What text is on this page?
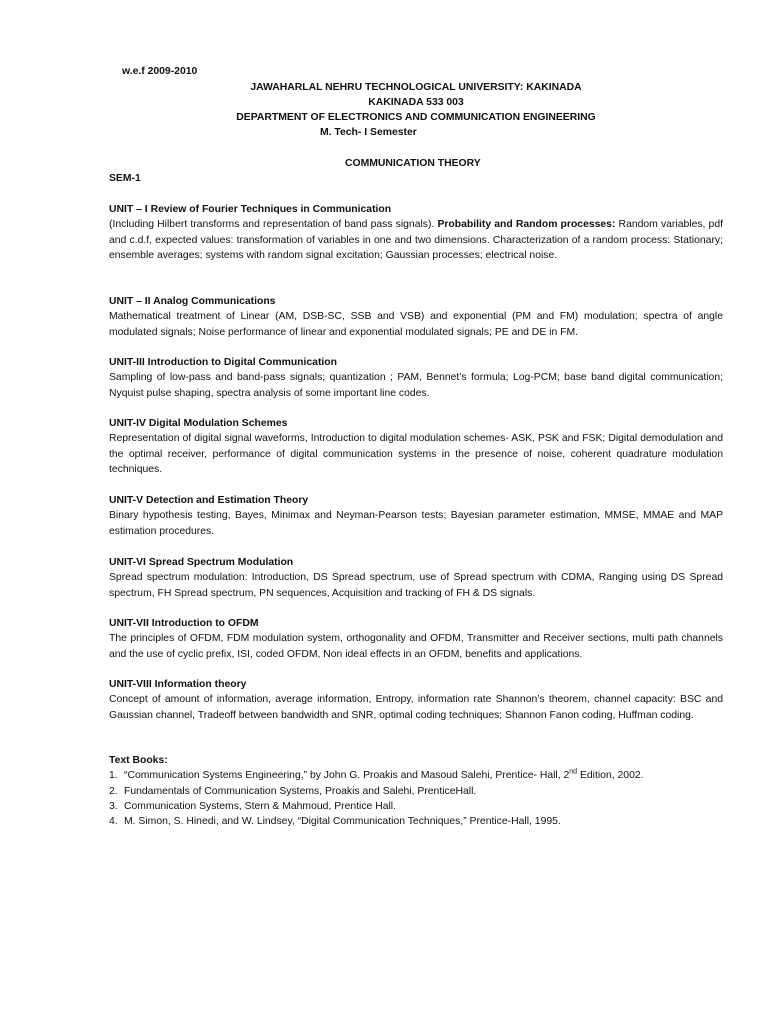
w.e.f 2009-2010
JAWAHARLAL NEHRU TECHNOLOGICAL UNIVERSITY: KAKINADA
KAKINADA 533 003
DEPARTMENT OF ELECTRONICS AND COMMUNICATION ENGINEERING
M. Tech- I Semester
COMMUNICATION THEORY
SEM-1

UNIT – I Review of Fourier Techniques in Communication

(Including Hilbert transforms and representation of band pass signals). Probability and Random processes: Random variables, pdf and c.d.f, expected values: transformation of variables in one and two dimensions. Characterization of a random process: Stationary; ensemble averages; systems with random signal excitation; Gaussian processes; electrical noise.

UNIT – II Analog Communications

Mathematical treatment of Linear (AM, DSB-SC, SSB and VSB) and exponential (PM and FM) modulation; spectra of angle modulated signals; Noise performance of linear and exponential modulated signals; PE and DE in FM.

UNIT-III Introduction to Digital Communication

Sampling of low-pass and band-pass signals; quantization ; PAM, Bennet’s formula; Log-PCM; base band digital communication; Nyquist pulse shaping, spectra analysis of some important line codes.

UNIT-IV Digital Modulation Schemes

Representation of digital signal waveforms, Introduction to digital modulation schemes- ASK, PSK and FSK; Digital demodulation and the optimal receiver, performance of digital communication systems in the presence of noise, coherent quadrature modulation techniques.

UNIT-V Detection and Estimation Theory

Binary hypothesis testing, Bayes, Minimax and Neyman-Pearson tests; Bayesian parameter estimation, MMSE, MMAE and MAP estimation procedures.

UNIT-VI Spread Spectrum Modulation

Spread spectrum modulation: Introduction, DS Spread spectrum, use of Spread spectrum with CDMA, Ranging using DS Spread spectrum, FH Spread spectrum, PN sequences, Acquisition and tracking of FH & DS signals.

UNIT-VII Introduction to OFDM

The principles of OFDM, FDM modulation system, orthogonality and OFDM, Transmitter and Receiver sections, multi path channels and the use of cyclic prefix, ISI, coded OFDM, Non ideal effects in an OFDM, benefits and applications.

UNIT-VIII Information theory

Concept of amount of information, average information, Entropy, information rate Shannon’s theorem, channel capacity: BSC and Gaussian channel, Tradeoff between bandwidth and SNR, optimal coding techniques; Shannon Fanon coding, Huffman coding.

Text Books:

1. “Communication Systems Engineering,” by John G. Proakis and Masoud Salehi, Prentice- Hall, 2nd Edition, 2002.
2. Fundamentals of Communication Systems, Proakis and Salehi, PrenticeHall.
3. Communication Systems, Stern & Mahmoud, Prentice Hall.
4. M. Simon, S. Hinedi, and W. Lindsey, “Digital Communication Techniques,” Prentice-Hall, 1995.
